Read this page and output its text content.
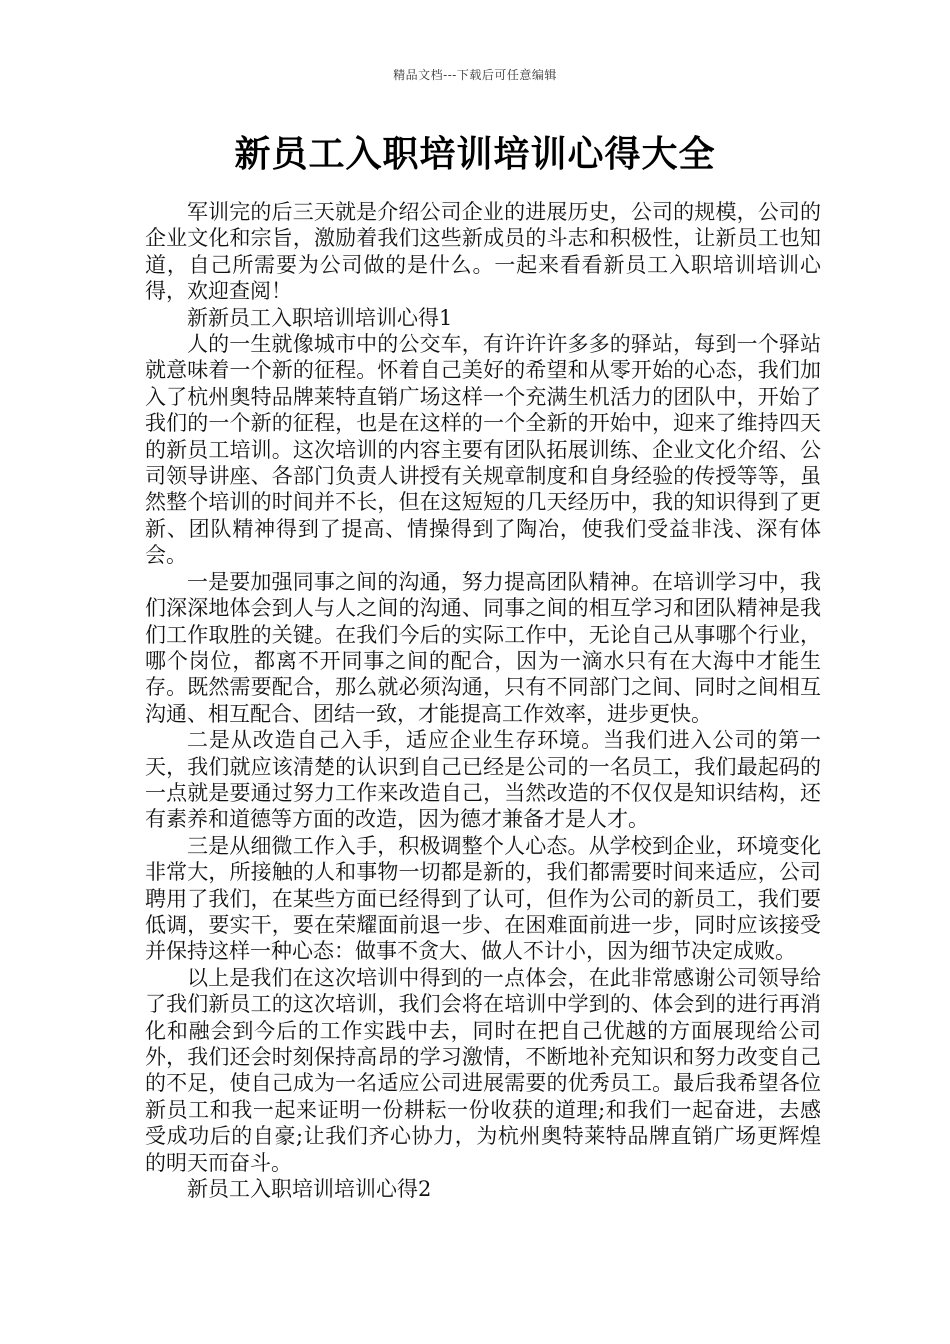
精品文档---下载后可任意编辑
新员工入职培训培训心得大全

军训完的后三天就是介绍公司企业的进展历史，公司的规模，公司的企业文化和宗旨，激励着我们这些新成员的斗志和积极性，让新员工也知道，自己所需要为公司做的是什么。一起来看看新员工入职培训培训心得，欢迎查阅！

新新员工入职培训培训心得1

人的一生就像城市中的公交车，有许许许多多的驿站，每到一个驿站就意味着一个新的征程。怀着自己美好的希望和从零开始的心态，我们加入了杭州奥特品牌莱特直销广场这样一个充满生机活力的团队中，开始了我们的一个新的征程，也是在这样的一个全新的开始中，迎来了维持四天的新员工培训。这次培训的内容主要有团队拓展训练、企业文化介绍、公司领导讲座、各部门负责人讲授有关规章制度和自身经验的传授等等，虽然整个培训的时间并不长，但在这短短的几天经历中，我的知识得到了更新、团队精神得到了提高、情操得到了陶冶，使我们受益非浅、深有体会。

一是要加强同事之间的沟通，努力提高团队精神。在培训学习中，我们深深地体会到人与人之间的沟通、同事之间的相互学习和团队精神是我们工作取胜的关键。在我们今后的实际工作中，无论自己从事哪个行业，哪个岗位，都离不开同事之间的配合，因为一滴水只有在大海中才能生存。既然需要配合，那么就必须沟通，只有不同部门之间、同时之间相互沟通、相互配合、团结一致，才能提高工作效率，进步更快。

二是从改造自己入手，适应企业生存环境。当我们进入公司的第一天，我们就应该清楚的认识到自己已经是公司的一名员工，我们最起码的一点就是要通过努力工作来改造自己，当然改造的不仅仅是知识结构，还有素养和道德等方面的改造，因为德才兼备才是人才。

三是从细微工作入手，积极调整个人心态。从学校到企业，环境变化非常大，所接触的人和事物一切都是新的，我们都需要时间来适应，公司聘用了我们，在某些方面已经得到了认可，但作为公司的新员工，我们要低调，要实干，要在荣耀面前退一步、在困难面前进一步，同时应该接受并保持这样一种心态：做事不贪大、做人不计小，因为细节决定成败。

以上是我们在这次培训中得到的一点体会，在此非常感谢公司领导给了我们新员工的这次培训，我们会将在培训中学到的、体会到的进行再消化和融会到今后的工作实践中去，同时在把自己优越的方面展现给公司外，我们还会时刻保持高昂的学习激情，不断地补充知识和努力改变自己的不足，使自己成为一名适应公司进展需要的优秀员工。最后我希望各位新员工和我一起来证明一份耕耘一份收获的道理;和我们一起奋进，去感受成功后的自豪;让我们齐心协力，为杭州奥特莱特品牌直销广场更辉煌的明天而奋斗。

新员工入职培训培训心得2
